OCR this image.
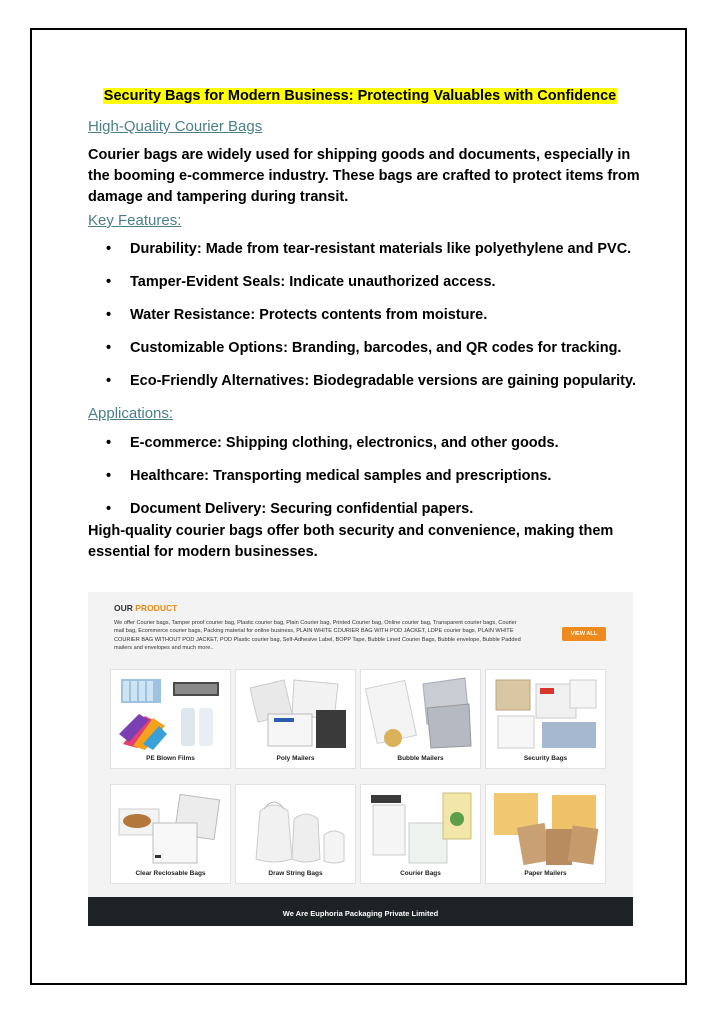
Security Bags for Modern Business: Protecting Valuables with Confidence
High-Quality Courier Bags
Courier bags are widely used for shipping goods and documents, especially in the booming e-commerce industry. These bags are crafted to protect items from damage and tampering during transit.
Key Features:
• Durability: Made from tear-resistant materials like polyethylene and PVC.
• Tamper-Evident Seals: Indicate unauthorized access.
• Water Resistance: Protects contents from moisture.
• Customizable Options: Branding, barcodes, and QR codes for tracking.
• Eco-Friendly Alternatives: Biodegradable versions are gaining popularity.
Applications:
• E-commerce: Shipping clothing, electronics, and other goods.
• Healthcare: Transporting medical samples and prescriptions.
• Document Delivery: Securing confidential papers.
High-quality courier bags offer both security and convenience, making them essential for modern businesses.
OUR PRODUCT
We offer Courier bags, Tamper proof courier bag, Plastic courier bag, Plain Courier bag, Printed Courier bag, Online courier bag, Transparent courier bags, Courier mail bag, Ecommerce courier bags, Packing material for online business, PLAIN WHITE COURIER BAG WITH POD JACKET, LDPE courier bags, PLAIN WHITE COURIER BAG WITHOUT POD JACKET, POD Plastic courier bag, Self-Adhesive Label, BOPP Tape, Bubble Lined Courier Bags, Bubble envelope, Bubble Padded mailers and envelopes and much more..
VIEW ALL
PE Blown Films	Poly Mailers	Bubble Mailers	Security Bags
Clear Reclosable Bags	Draw String Bags	Courier Bags	Paper Mailers
We Are Euphoria Packaging Private Limited
